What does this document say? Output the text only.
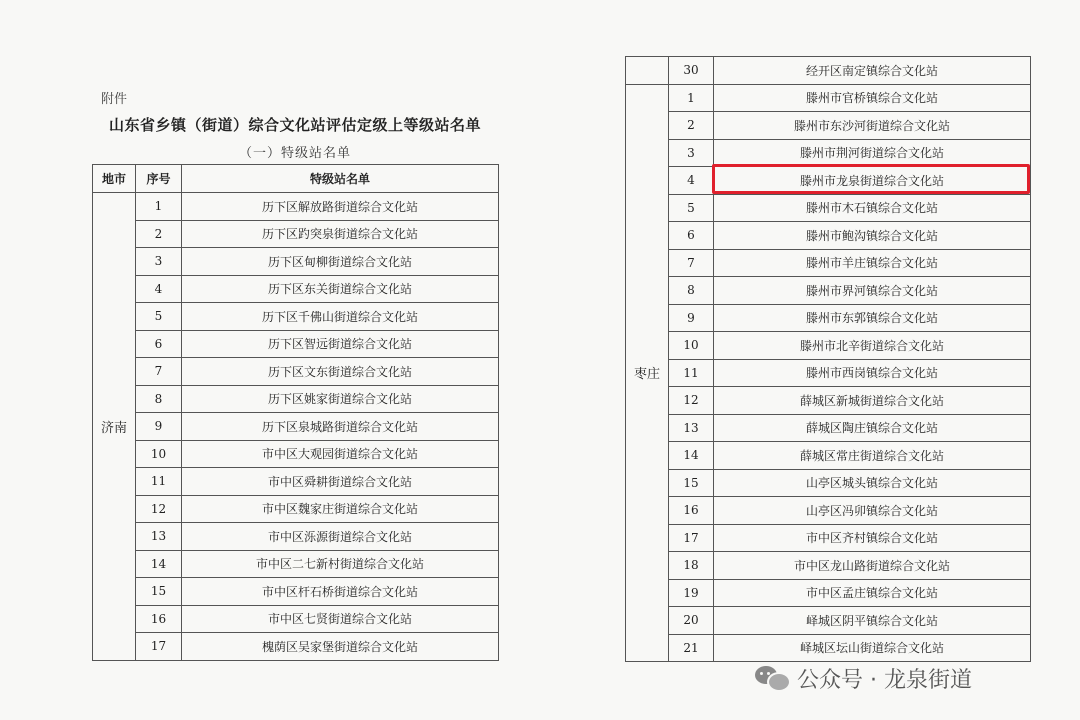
附件
山东省乡镇（街道）综合文化站评估定级上等级站名单
（一）特级站名单
地市	序号	特级站名单
济南	1	历下区解放路街道综合文化站
	2	历下区趵突泉街道综合文化站
	3	历下区甸柳街道综合文化站
	4	历下区东关街道综合文化站
	5	历下区千佛山街道综合文化站
	6	历下区智远街道综合文化站
	7	历下区文东街道综合文化站
	8	历下区姚家街道综合文化站
	9	历下区泉城路街道综合文化站
	10	市中区大观园街道综合文化站
	11	市中区舜耕街道综合文化站
	12	市中区魏家庄街道综合文化站
	13	市中区泺源街道综合文化站
	14	市中区二七新村街道综合文化站
	15	市中区杆石桥街道综合文化站
	16	市中区七贤街道综合文化站
	17	槐荫区吴家堡街道综合文化站
	30	经开区南定镇综合文化站
枣庄	1	滕州市官桥镇综合文化站
	2	滕州市东沙河街道综合文化站
	3	滕州市荆河街道综合文化站
	4	滕州市龙泉街道综合文化站
	5	滕州市木石镇综合文化站
	6	滕州市鲍沟镇综合文化站
	7	滕州市羊庄镇综合文化站
	8	滕州市界河镇综合文化站
	9	滕州市东郭镇综合文化站
	10	滕州市北辛街道综合文化站
	11	滕州市西岗镇综合文化站
	12	薛城区新城街道综合文化站
	13	薛城区陶庄镇综合文化站
	14	薛城区常庄街道综合文化站
	15	山亭区城头镇综合文化站
	16	山亭区冯卯镇综合文化站
	17	市中区齐村镇综合文化站
	18	市中区龙山路街道综合文化站
	19	市中区孟庄镇综合文化站
	20	峄城区阴平镇综合文化站
	21	峄城区坛山街道综合文化站
公众号 · 龙泉街道
